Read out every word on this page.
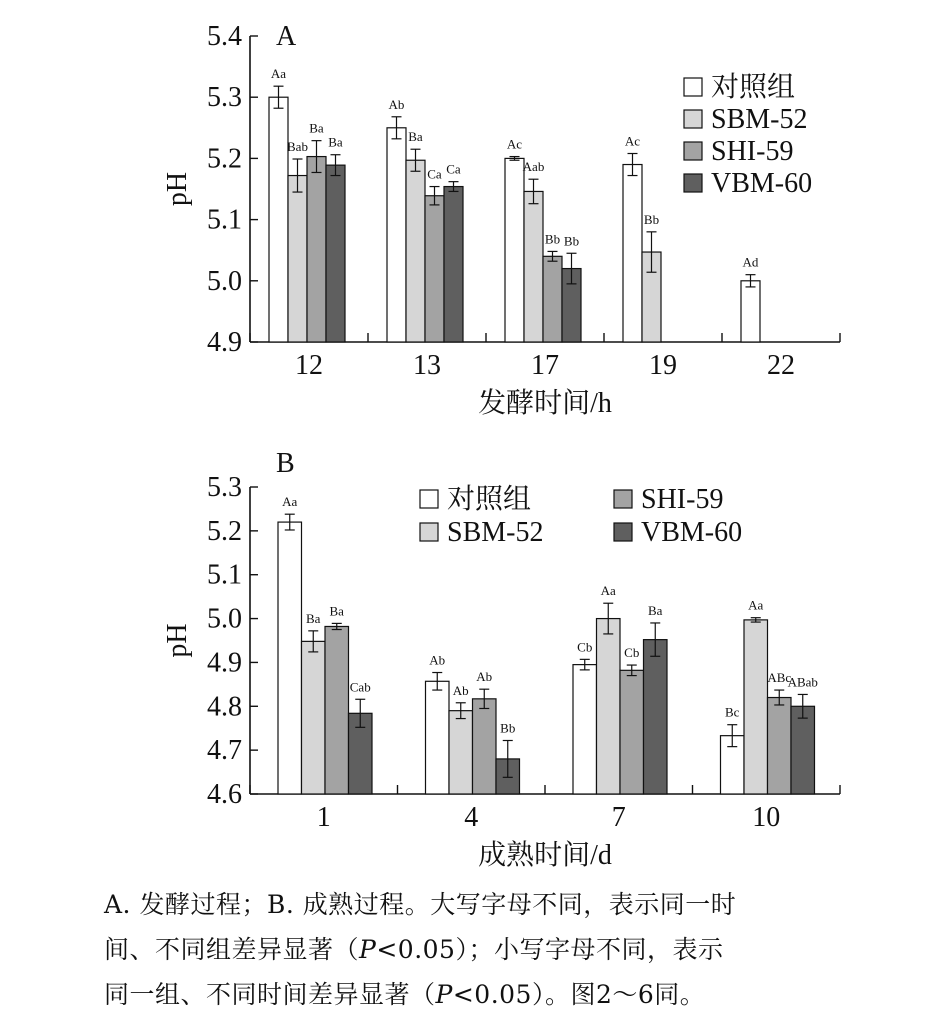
4.9
5.0
5.1
5.2
5.3
5.4
12	13	17	19	22
发酵时间/h
pH
A
Aa
Ab
Ac	Ac
Ad
Bab
Ba
Aab
Bb
Ba
Ca
Bb
Ba
Ca
Bb
对照组
SBM-52
SHI-59
VBM-60
4.6
4.7
4.8
4.9
5.0
5.1
5.2
5.3
1	4	7	10
成熟时间/d
pH
B
Aa
Ab
Cb
Bc
Ba
Ab
Aa
Aa
Ba
Ab
Cb
ABc
Cab
Bb
Ba
ABab
对照组
SBM-52
SHI-59
VBM-60
A. 发酵过程；B. 成熟过程。大写字母不同，表示同一时
间、不同组差异显著（P<0.05）；小写字母不同，表示
同一组、不同时间差异显著（P<0.05）。图2～6同。
